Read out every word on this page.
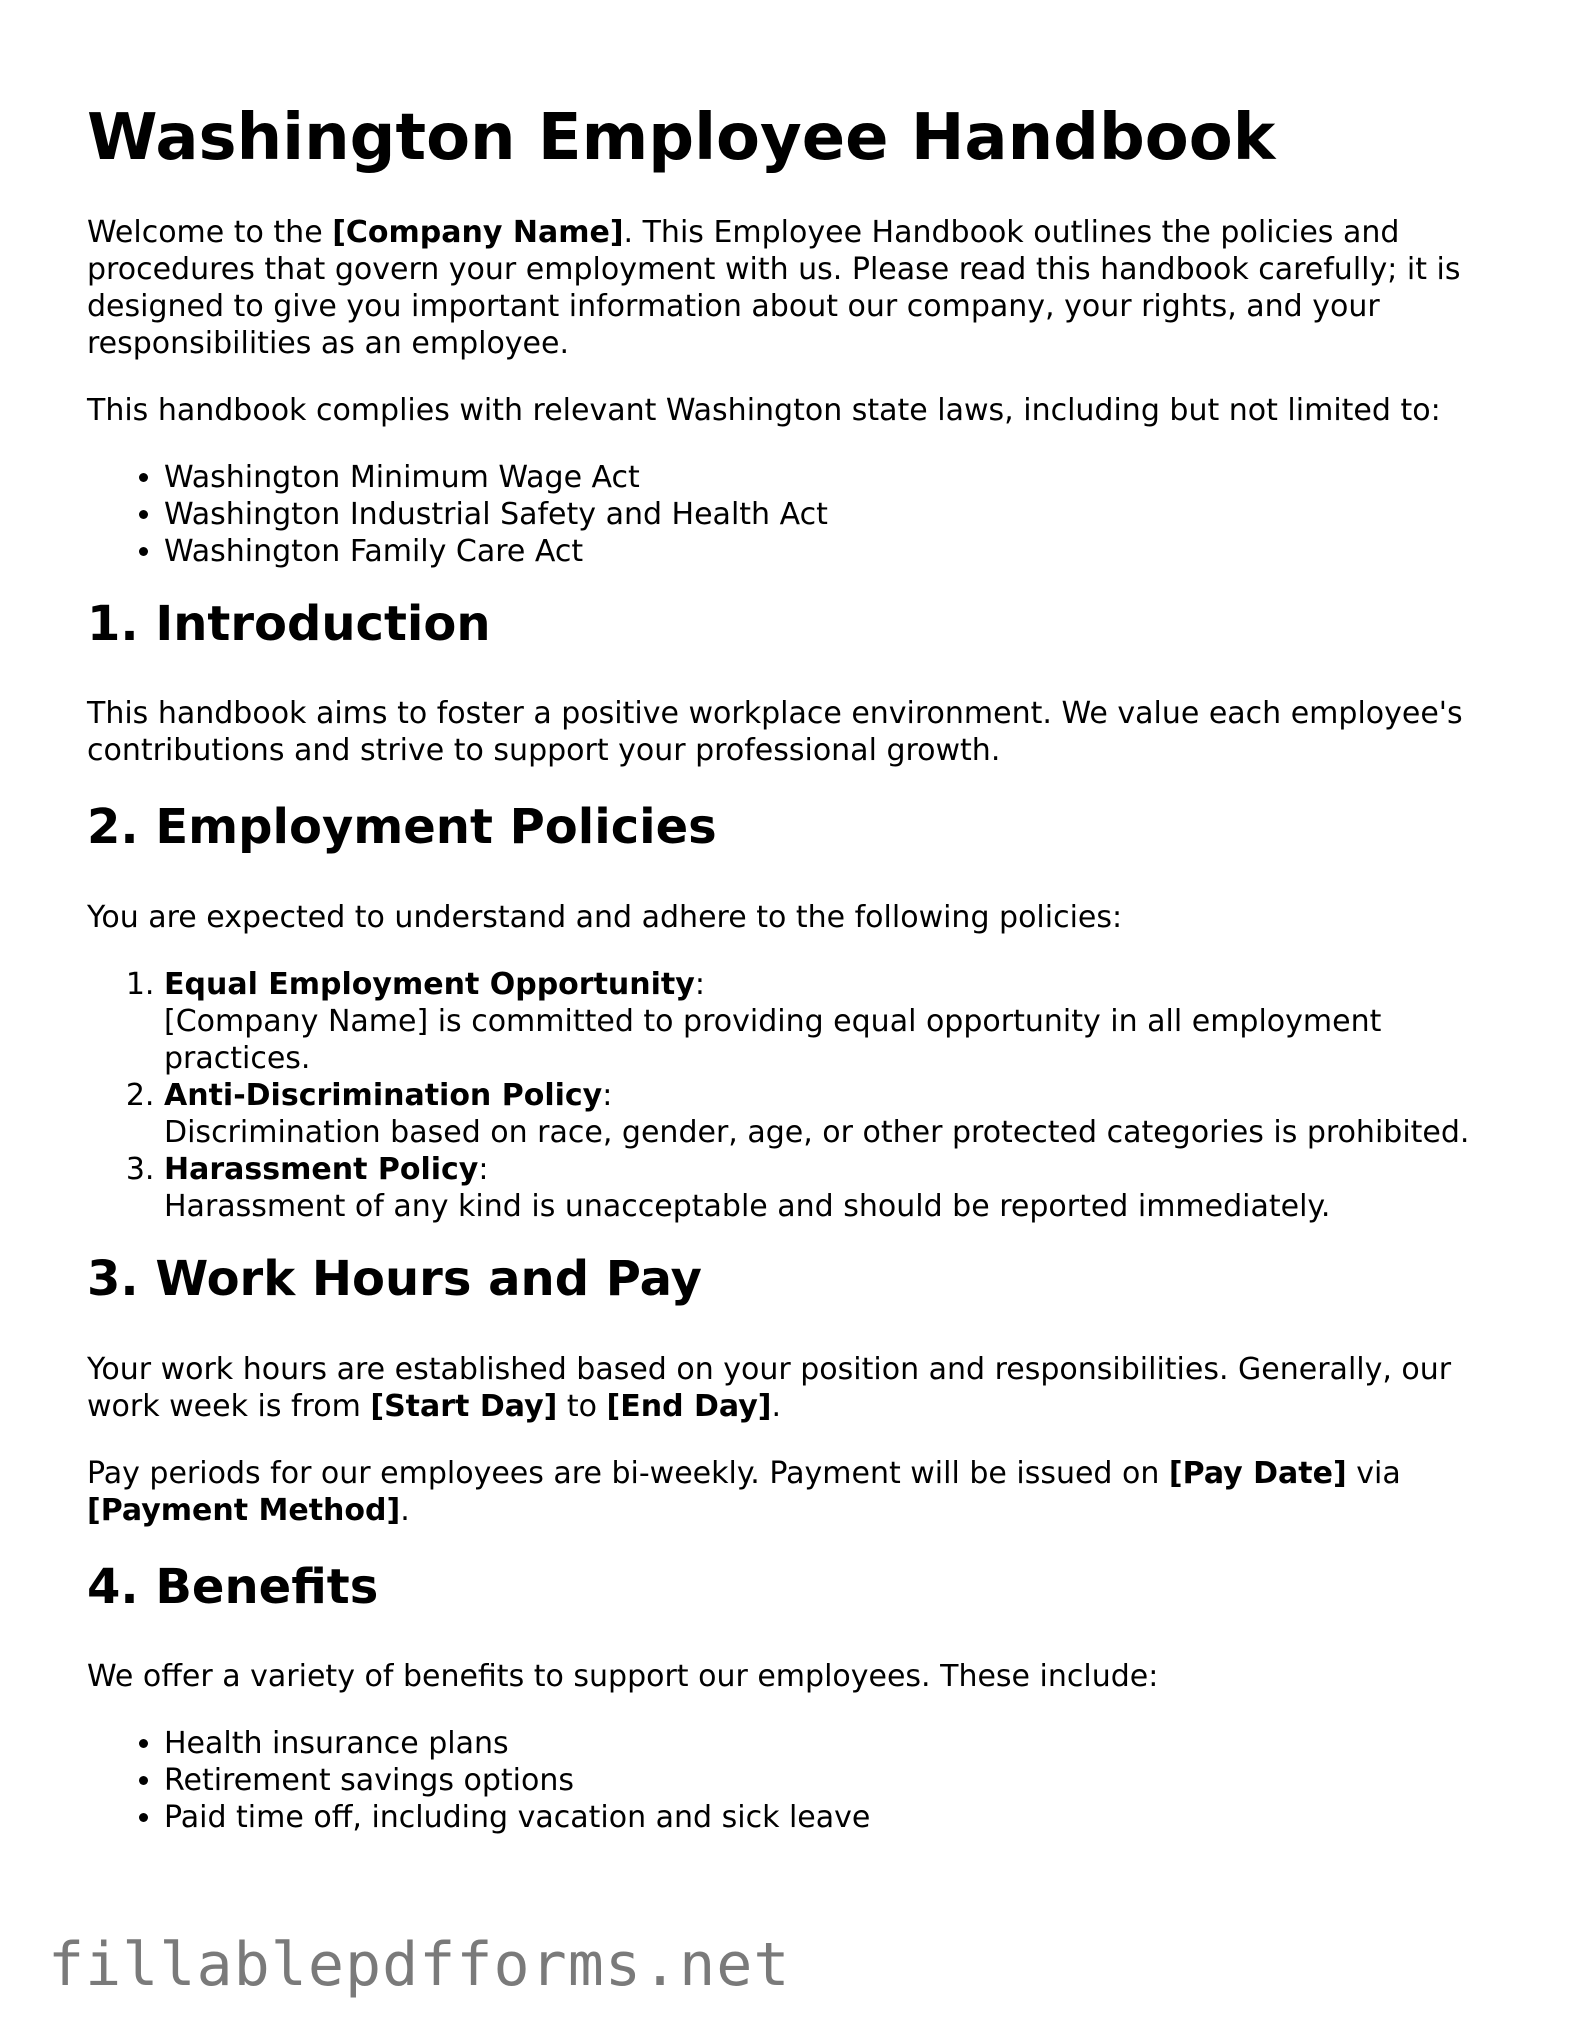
Washington Employee Handbook

Welcome to the [Company Name]. This Employee Handbook outlines the policies and procedures that govern your employment with us. Please read this handbook carefully; it is designed to give you important information about our company, your rights, and your responsibilities as an employee.

This handbook complies with relevant Washington state laws, including but not limited to:

• Washington Minimum Wage Act
• Washington Industrial Safety and Health Act
• Washington Family Care Act
1. Introduction

This handbook aims to foster a positive workplace environment. We value each employee's contributions and strive to support your professional growth.

2. Employment Policies

You are expected to understand and adhere to the following policies:

1. Equal Employment Opportunity:
[Company Name] is committed to providing equal opportunity in all employment practices.
2. Anti-Discrimination Policy:
Discrimination based on race, gender, age, or other protected categories is prohibited.
3. Harassment Policy:
Harassment of any kind is unacceptable and should be reported immediately.
3. Work Hours and Pay

Your work hours are established based on your position and responsibilities. Generally, our work week is from [Start Day] to [End Day].

Pay periods for our employees are bi-weekly. Payment will be issued on [Pay Date] via [Payment Method].

4. Benefits

We offer a variety of benefits to support our employees. These include:

• Health insurance plans
• Retirement savings options
• Paid time off, including vacation and sick leave
fillablepdfforms.net
